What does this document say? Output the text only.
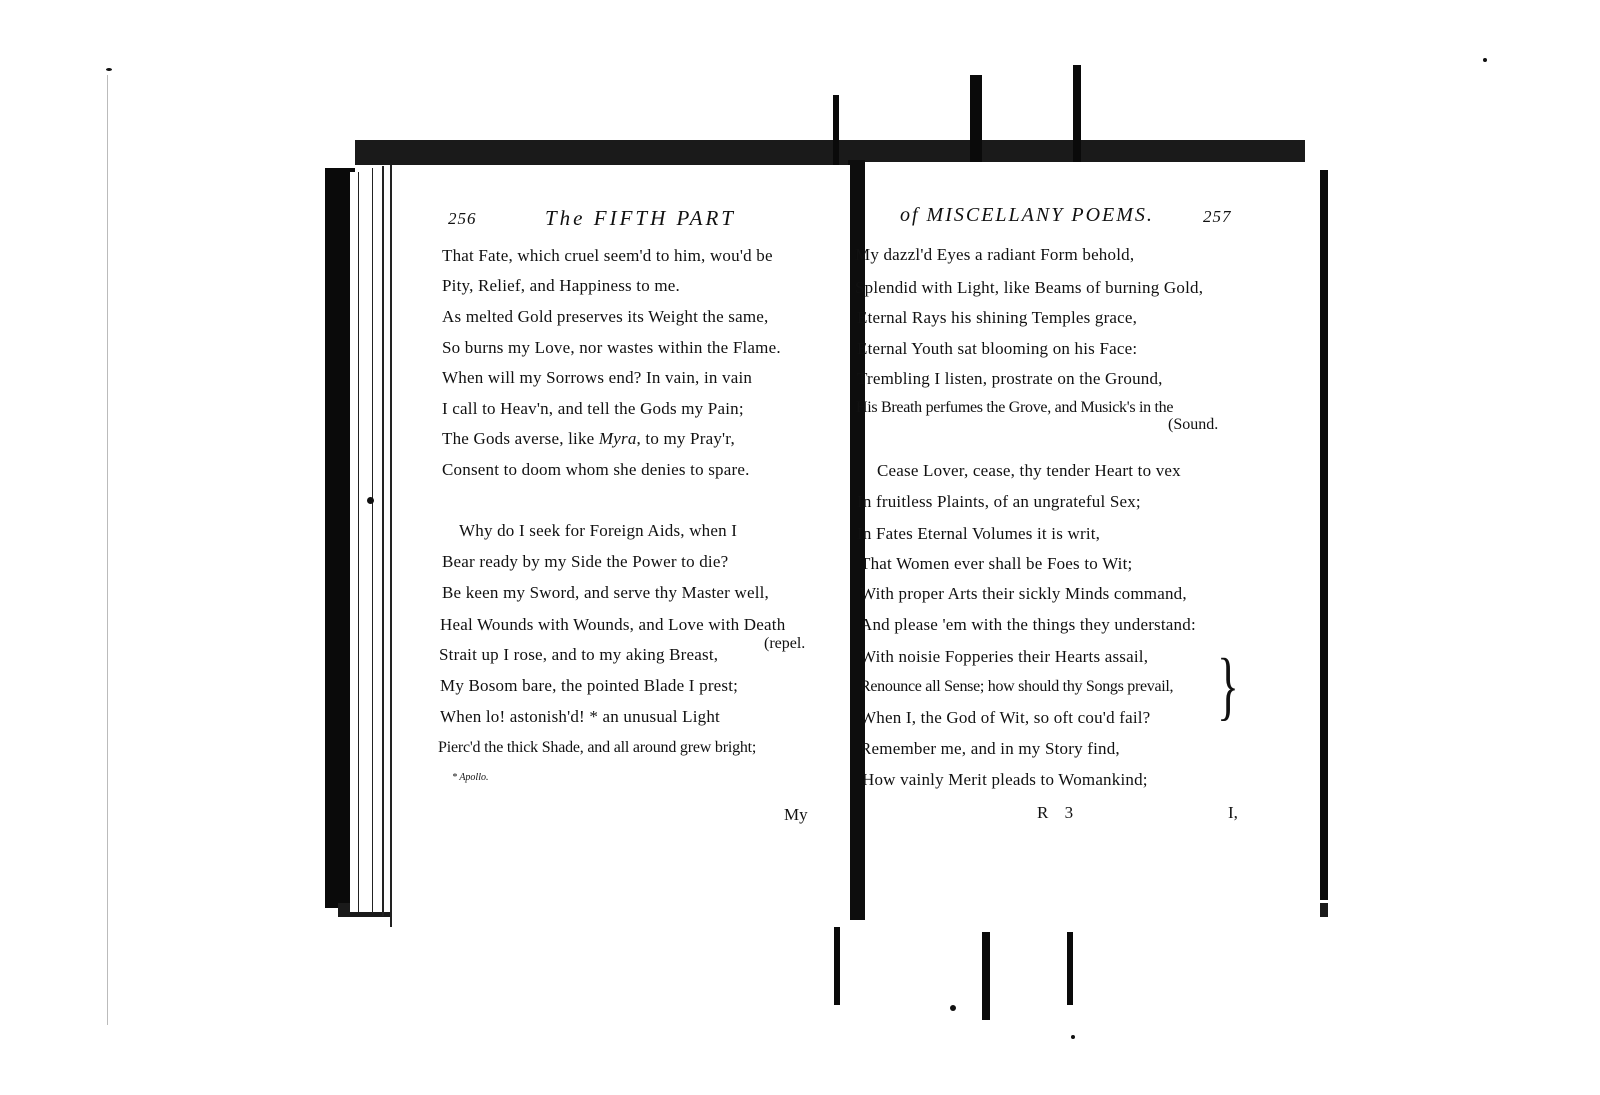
256	The FIFTH PART
That Fate, which cruel seem'd to him, wou'd be
Pity, Relief, and Happiness to me.
As melted Gold preserves its Weight the same,
So burns my Love, nor wastes within the Flame.
When will my Sorrows end? In vain, in vain
I call to Heav'n, and tell the Gods my Pain;
The Gods averse, like Myra, to my Pray'r,
Consent to doom whom she denies to spare.
Why do I seek for Foreign Aids, when I
Bear ready by my Side the Power to die?
Be keen my Sword, and serve thy Master well,
Heal Wounds with Wounds, and Love with Death
(repel.
Strait up I rose, and to my aking Breast,
My Bosom bare, the pointed Blade I prest;
When lo! astonish'd! * an unusual Light
Pierc'd the thick Shade, and all around grew bright;
* Apollo.
My
of MISCELLANY POEMS.	257
My dazzl'd Eyes a radiant Form behold,
Splendid with Light, like Beams of burning Gold,
Eternal Rays his shining Temples grace,
Eternal Youth sat blooming on his Face:
Trembling I listen, prostrate on the Ground,
His Breath perfumes the Grove, and Musick's in the
(Sound.
Cease Lover, cease, thy tender Heart to vex
In fruitless Plaints, of an ungrateful Sex;
In Fates Eternal Volumes it is writ,
That Women ever shall be Foes to Wit;
With proper Arts their sickly Minds command,
And please 'em with the things they understand:
With noisie Fopperies their Hearts assail,
Renounce all Sense; how should thy Songs prevail,
When I, the God of Wit, so oft cou'd fail? }
Remember me, and in my Story find,
How vainly Merit pleads to Womankind;
R 3	I,
